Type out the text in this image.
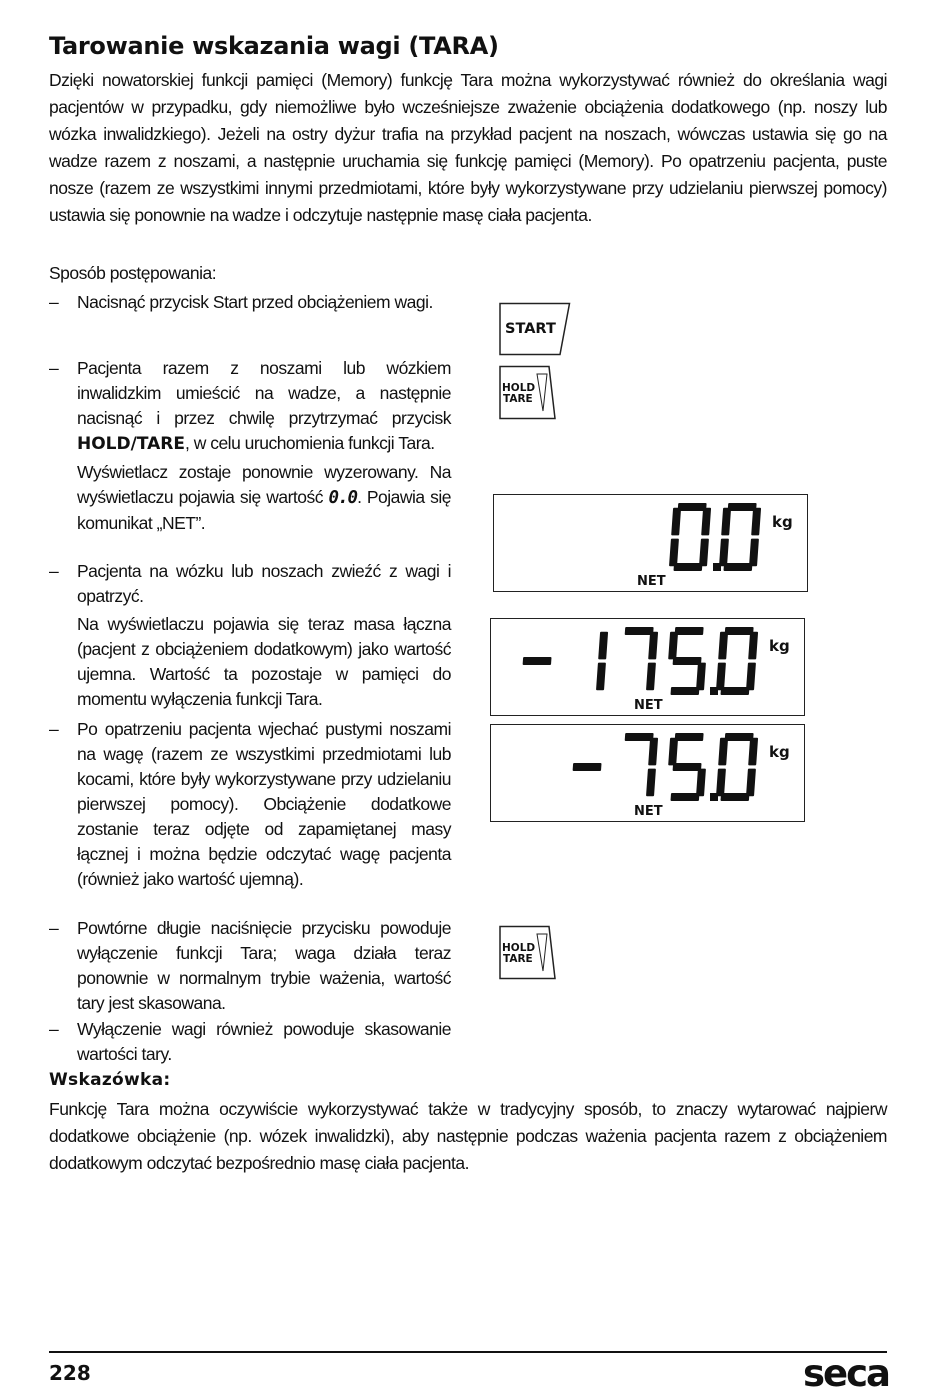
Tarowanie wskazania wagi (TARA)

Dzięki nowatorskiej funkcji pamięci (Memory) funkcję Tara można wykorzystywać również do określania wagi pacjentów w przypadku, gdy niemożliwe było wcześniejsze zważenie obciążenia dodatkowego (np. noszy lub wózka inwalidzkiego). Jeżeli na ostry dyżur trafia na przykład pacjent na noszach, wówczas ustawia się go na wadze razem z noszami, a następnie uruchamia się funkcję pamięci (Memory). Po opatrzeniu pacjenta, puste nosze (razem ze wszystkimi innymi przedmiotami, które były wykorzystywane przy udzielaniu pierwszej pomocy) ustawia się ponownie na wadze i odczytuje następnie masę ciała pacjenta.

Sposób postępowania:

– Nacisnąć przycisk Start przed obciążeniem wagi.

– Pacjenta razem z noszami lub wózkiem inwalidzkim umieścić na wadze, a następnie nacisnąć i przez chwilę przytrzymać przycisk HOLD/TARE, w celu uruchomienia funkcji Tara.

Wyświetlacz zostaje ponownie wyzerowany. Na wyświetlaczu pojawia się wartość 0.0. Pojawia się komunikat „NET”.

– Pacjenta na wózku lub noszach zwieźć z wagi i opatrzyć.

Na wyświetlaczu pojawia się teraz masa łączna (pacjent z obciążeniem dodatkowym) jako wartość ujemna. Wartość ta pozostaje w pamięci do momentu wyłączenia funkcji Tara.

– Po opatrzeniu pacjenta wjechać pustymi noszami na wagę (razem ze wszystkimi przedmiotami lub kocami, które były wykorzystywane przy udzielaniu pierwszej pomocy). Obciążenie dodatkowe zostanie teraz odjęte od zapamiętanej masy łącznej i można będzie odczytać wagę pacjenta (również jako wartość ujemną).

– Powtórne długie naciśnięcie przycisku powoduje wyłączenie funkcji Tara; waga działa teraz ponownie w normalnym trybie ważenia, wartość tary jest skasowana.

– Wyłączenie wagi również powoduje skasowanie wartości tary.

START
HOLD
TARE
HOLD
TARE
kg
NET
kg
NET
kg
NET

Wskazówka:

Funkcję Tara można oczywiście wykorzystywać także w tradycyjny sposób, to znaczy wytarować najpierw dodatkowe obciążenie (np. wózek inwalidzki), aby następnie podczas ważenia pacjenta razem z obciążeniem dodatkowym odczytać bezpośrednio masę ciała pacjenta.

228	seca
